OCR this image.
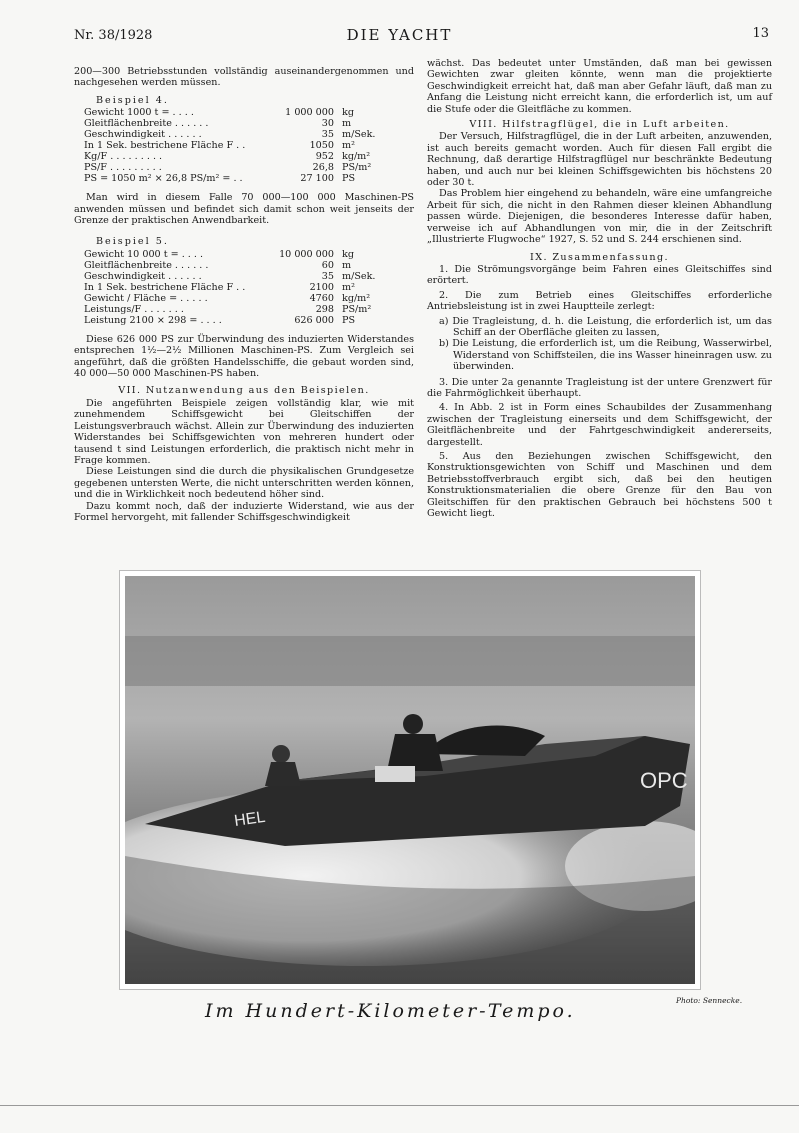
Nr. 38/1928	DIE YACHT	13

200—300 Betriebsstunden vollständig auseinandergenommen und nachgesehen werden müssen.

Beispiel 4.
Gewicht 1000 t = . . . .	1 000 000	kg
Gleitflächenbreite . . . . . .	30	m
Geschwindigkeit . . . . . .	35	m/Sek.
In 1 Sek. bestrichene Fläche F . .	1050	m²
Kg/F . . . . . . . . .	952	kg/m²
PS/F . . . . . . . . .	26,8	PS/m²
PS = 1050 m² × 26,8 PS/m² = . .	27 100	PS

Man wird in diesem Falle 70 000—100 000 Maschinen-PS anwenden müssen und befindet sich damit schon weit jenseits der Grenze der praktischen Anwendbarkeit.

Beispiel 5.
Gewicht 10 000 t = . . . .	10 000 000	kg
Gleitflächenbreite . . . . . .	60	m
Geschwindigkeit . . . . . .	35	m/Sek.
In 1 Sek. bestrichene Fläche F . .	2100	m²
Gewicht / Fläche = . . . . .	4760	kg/m²
Leistungs/F . . . . . . .	298	PS/m²
Leistung 2100 × 298 = . . . .	626 000	PS

Diese 626 000 PS zur Überwindung des induzierten Widerstandes entsprechen 1½—2½ Millionen Maschinen-PS. Zum Vergleich sei angeführt, daß die größten Handelsschiffe, die gebaut worden sind, 40 000—50 000 Maschinen-PS haben.

VII. Nutzanwendung aus den Beispielen.

Die angeführten Beispiele zeigen vollständig klar, wie mit zunehmendem Schiffsgewicht bei Gleitschiffen der Leistungsverbrauch wächst. Allein zur Überwindung des induzierten Widerstandes bei Schiffsgewichten von mehreren hundert oder tausend t sind Leistungen erforderlich, die praktisch nicht mehr in Frage kommen.

Diese Leistungen sind die durch die physikalischen Grundgesetze gegebenen untersten Werte, die nicht unterschritten werden können, und die in Wirklichkeit noch bedeutend höher sind.

Dazu kommt noch, daß der induzierte Widerstand, wie aus der Formel hervorgeht, mit fallender Schiffsgeschwindigkeit

wächst. Das bedeutet unter Umständen, daß man bei gewissen Gewichten zwar gleiten könnte, wenn man die projektierte Geschwindigkeit erreicht hat, daß man aber Gefahr läuft, daß man zu Anfang die Leistung nicht erreicht kann, die erforderlich ist, um auf die Stufe oder die Gleitfläche zu kommen.

VIII. Hilfstragflügel, die in Luft arbeiten.

Der Versuch, Hilfstragflügel, die in der Luft arbeiten, anzuwenden, ist auch bereits gemacht worden. Auch für diesen Fall ergibt die Rechnung, daß derartige Hilfstragflügel nur beschränkte Bedeutung haben, und auch nur bei kleinen Schiffsgewichten bis höchstens 20 oder 30 t.

Das Problem hier eingehend zu behandeln, wäre eine umfangreiche Arbeit für sich, die nicht in den Rahmen dieser kleinen Abhandlung passen würde. Diejenigen, die besonderes Interesse dafür haben, verweise ich auf Abhandlungen von mir, die in der Zeitschrift „Illustrierte Flugwoche“ 1927, S. 52 und S. 244 erschienen sind.

IX. Zusammenfassung.

1. Die Strömungsvorgänge beim Fahren eines Gleitschiffes sind erörtert.

2. Die zum Betrieb eines Gleitschiffes erforderliche Antriebsleistung ist in zwei Hauptteile zerlegt:

a) Die Tragleistung, d. h. die Leistung, die erforderlich ist, um das Schiff an der Oberfläche gleiten zu lassen,

b) Die Leistung, die erforderlich ist, um die Reibung, Wasserwirbel, Widerstand von Schiffsteilen, die ins Wasser hineinragen usw. zu überwinden.

3. Die unter 2a genannte Tragleistung ist der untere Grenzwert für die Fahrmöglichkeit überhaupt.

4. In Abb. 2 ist in Form eines Schaubildes der Zusammenhang zwischen der Tragleistung einerseits und dem Schiffsgewicht, der Gleitflächenbreite und der Fahrtgeschwindigkeit andererseits, dargestellt.

5. Aus den Beziehungen zwischen Schiffsgewicht, den Konstruktionsgewichten von Schiff und Maschinen und dem Betriebsstoffverbrauch ergibt sich, daß bei den heutigen Konstruktionsmaterialien die obere Grenze für den Bau von Gleitschiffen für den praktischen Gebrauch bei höchstens 500 t Gewicht liegt.

OPC
HEL
Im Hundert-Kilometer-Tempo.	Photo: Sennecke.
